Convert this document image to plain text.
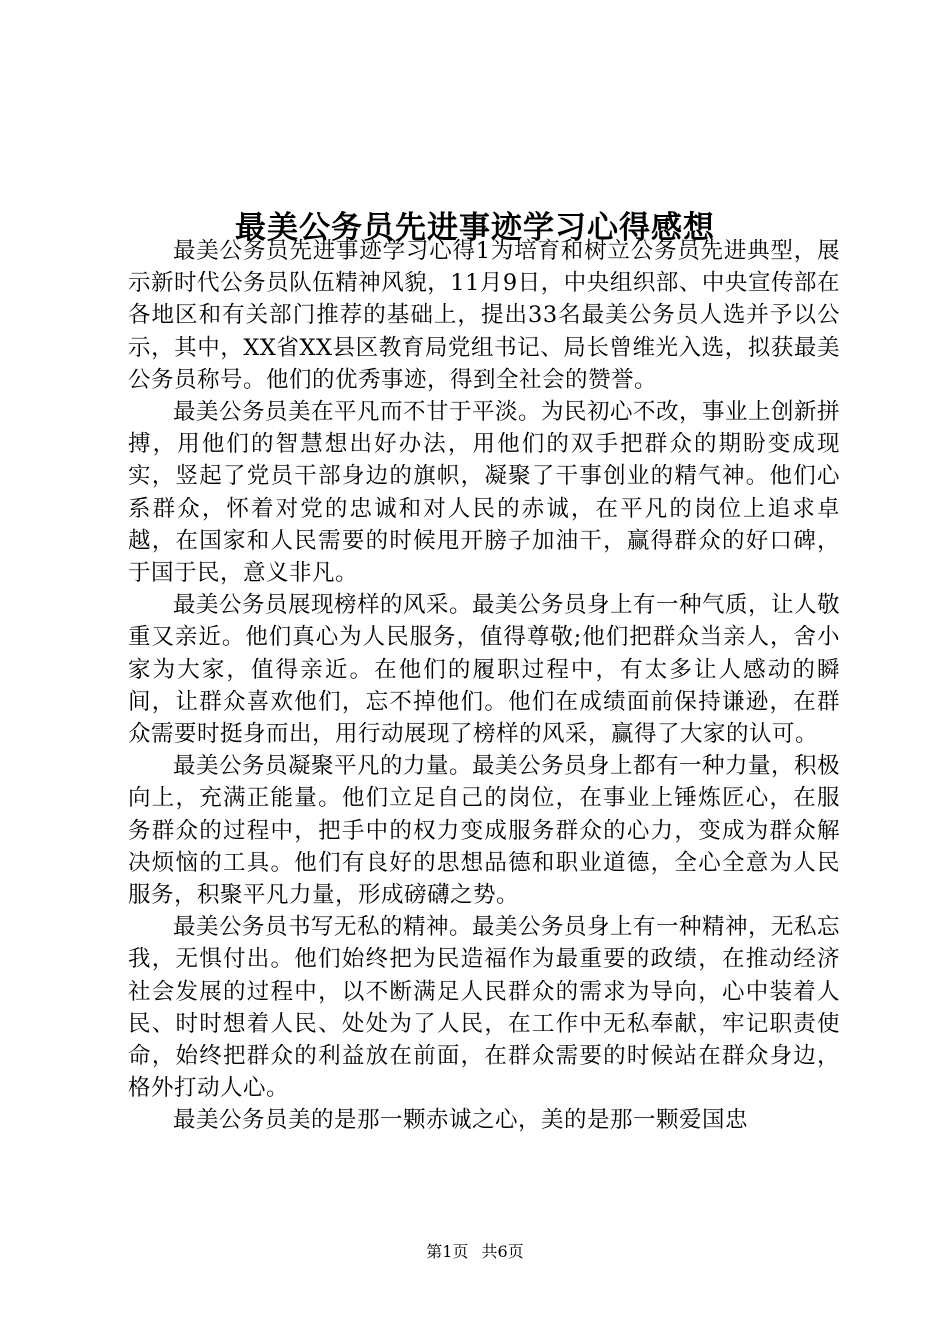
最美公务员先进事迹学习心得感想

最美公务员先进事迹学习心得1为培育和树立公务员先进典型，展示新时代公务员队伍精神风貌，11月9日，中央组织部、中央宣传部在各地区和有关部门推荐的基础上，提出33名最美公务员人选并予以公示，其中，XX省XX县区教育局党组书记、局长曾维光入选，拟获最美公务员称号。他们的优秀事迹，得到全社会的赞誉。

最美公务员美在平凡而不甘于平淡。为民初心不改，事业上创新拼搏，用他们的智慧想出好办法，用他们的双手把群众的期盼变成现实，竖起了党员干部身边的旗帜，凝聚了干事创业的精气神。他们心系群众，怀着对党的忠诚和对人民的赤诚，在平凡的岗位上追求卓越，在国家和人民需要的时候甩开膀子加油干，赢得群众的好口碑，于国于民，意义非凡。

最美公务员展现榜样的风采。最美公务员身上有一种气质，让人敬重又亲近。他们真心为人民服务，值得尊敬;他们把群众当亲人，舍小家为大家，值得亲近。在他们的履职过程中，有太多让人感动的瞬间，让群众喜欢他们，忘不掉他们。他们在成绩面前保持谦逊，在群众需要时挺身而出，用行动展现了榜样的风采，赢得了大家的认可。

最美公务员凝聚平凡的力量。最美公务员身上都有一种力量，积极向上，充满正能量。他们立足自己的岗位，在事业上锤炼匠心，在服务群众的过程中，把手中的权力变成服务群众的心力，变成为群众解决烦恼的工具。他们有良好的思想品德和职业道德，全心全意为人民服务，积聚平凡力量，形成磅礴之势。

最美公务员书写无私的精神。最美公务员身上有一种精神，无私忘我，无惧付出。他们始终把为民造福作为最重要的政绩，在推动经济社会发展的过程中，以不断满足人民群众的需求为导向，心中装着人民、时时想着人民、处处为了人民，在工作中无私奉献，牢记职责使命，始终把群众的利益放在前面，在群众需要的时候站在群众身边，格外打动人心。

最美公务员美的是那一颗赤诚之心，美的是那一颗爱国忠

第1页 共6页
